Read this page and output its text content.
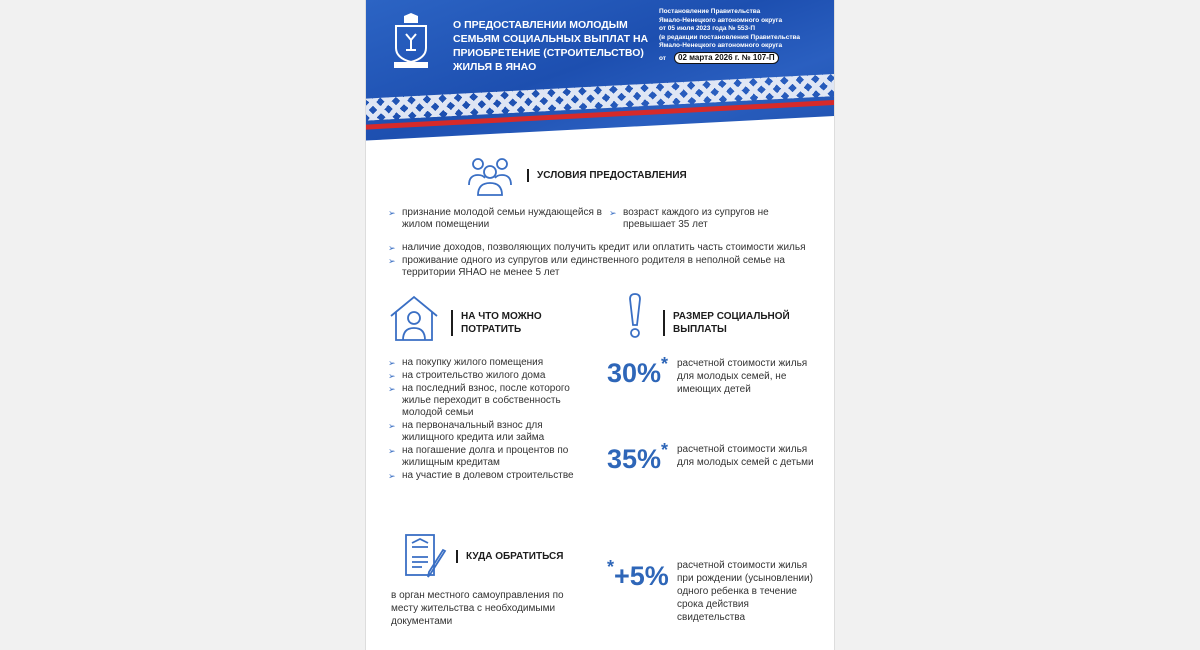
О ПРЕДОСТАВЛЕНИИ МОЛОДЫМ СЕМЬЯМ СОЦИАЛЬНЫХ ВЫПЛАТ НА ПРИОБРЕТЕНИЕ (СТРОИТЕЛЬСТВО) ЖИЛЬЯ В ЯНАО
Постановление Правительства
Ямало-Ненецкого автономного округа
от 05 июля 2023 года № 553-П
(в редакции постановления Правительства
Ямало-Ненецкого автономного округа
от 02 марта 2026 г. № 107-П
УСЛОВИЯ ПРЕДОСТАВЛЕНИЯ
➢ признание молодой семьи нуждающейся в жилом помещении
➢ возраст каждого из супругов не превышает 35 лет
➢ наличие доходов, позволяющих получить кредит или оплатить часть стоимости жилья
➢ проживание одного из супругов или единственного родителя в неполной семье на территории ЯНАО не менее 5 лет
НА ЧТО МОЖНО ПОТРАТИТЬ
➢ на покупку жилого помещения
➢ на строительство жилого дома
➢ на последний взнос, после которого жилье переходит в собственность молодой семьи
➢ на первоначальный взнос для жилищного кредита или займа
➢ на погашение долга и процентов по жилищным кредитам
➢ на участие в долевом строительстве
РАЗМЕР СОЦИАЛЬНОЙ ВЫПЛАТЫ
30%* расчетной стоимости жилья для молодых семей, не имеющих детей
35%* расчетной стоимости жилья для молодых семей с детьми
*+5% расчетной стоимости жилья при рождении (усыновлении) одного ребенка в течение срока действия свидетельства
КУДА ОБРАТИТЬСЯ
в орган местного самоуправления по месту жительства с необходимыми документами
